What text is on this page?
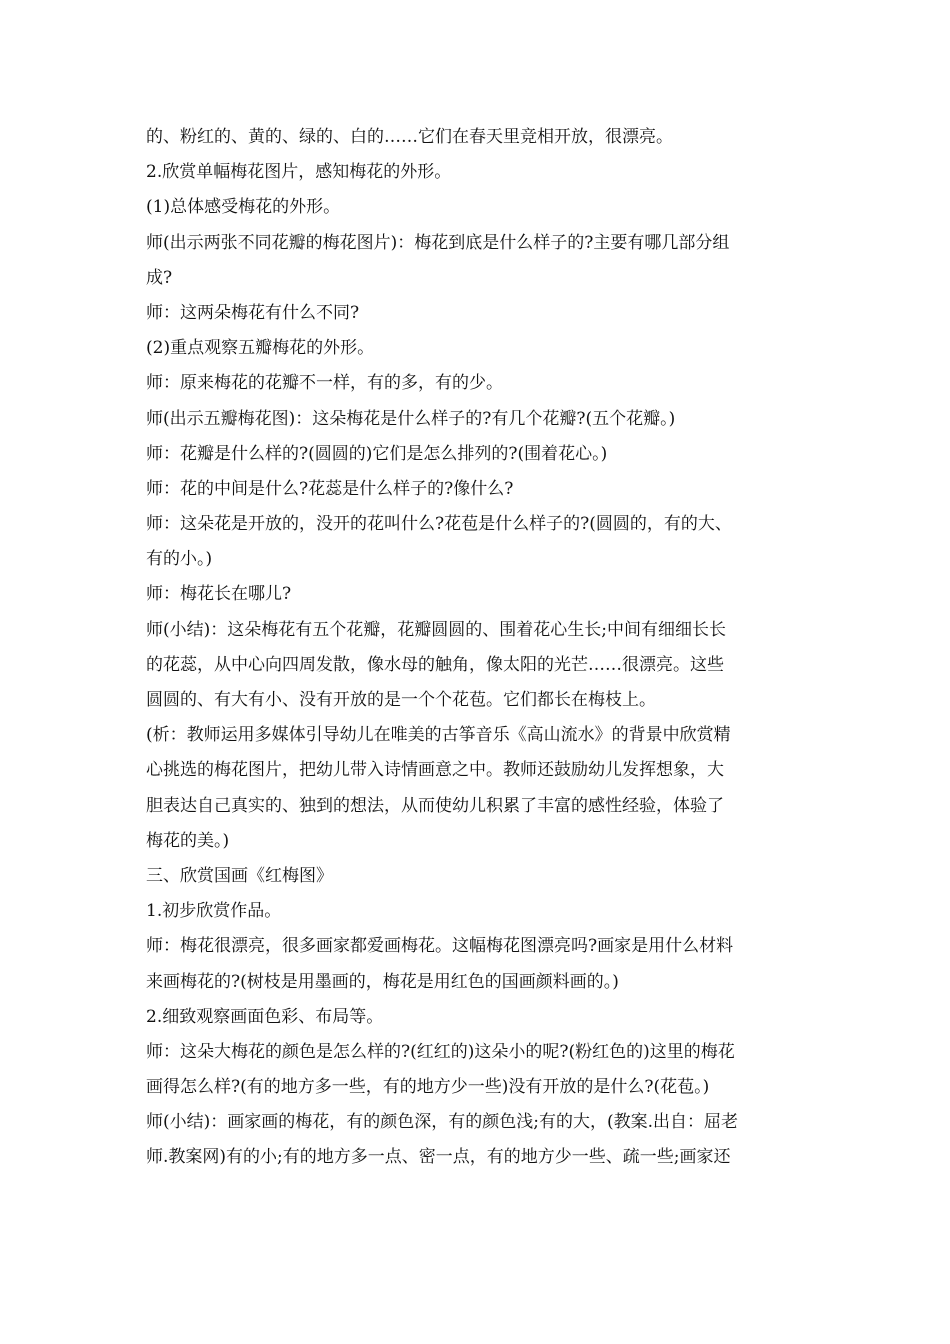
的、粉红的、黄的、绿的、白的……它们在春天里竞相开放，很漂亮。
2.欣赏单幅梅花图片，感知梅花的外形。
(1)总体感受梅花的外形。
师(出示两张不同花瓣的梅花图片)：梅花到底是什么样子的?主要有哪几部分组
成?
师：这两朵梅花有什么不同?
(2)重点观察五瓣梅花的外形。
师：原来梅花的花瓣不一样，有的多，有的少。
师(出示五瓣梅花图)：这朵梅花是什么样子的?有几个花瓣?(五个花瓣。)
师：花瓣是什么样的?(圆圆的)它们是怎么排列的?(围着花心。)
师：花的中间是什么?花蕊是什么样子的?像什么?
师：这朵花是开放的，没开的花叫什么?花苞是什么样子的?(圆圆的，有的大、
有的小。)
师：梅花长在哪儿?
师(小结)：这朵梅花有五个花瓣，花瓣圆圆的、围着花心生长;中间有细细长长
的花蕊，从中心向四周发散，像水母的触角，像太阳的光芒……很漂亮。这些
圆圆的、有大有小、没有开放的是一个个花苞。它们都长在梅枝上。
(析：教师运用多媒体引导幼儿在唯美的古筝音乐《高山流水》的背景中欣赏精
心挑选的梅花图片，把幼儿带入诗情画意之中。教师还鼓励幼儿发挥想象，大
胆表达自己真实的、独到的想法，从而使幼儿积累了丰富的感性经验，体验了
梅花的美。)
三、欣赏国画《红梅图》
1.初步欣赏作品。
师：梅花很漂亮，很多画家都爱画梅花。这幅梅花图漂亮吗?画家是用什么材料
来画梅花的?(树枝是用墨画的，梅花是用红色的国画颜料画的。)
2.细致观察画面色彩、布局等。
师：这朵大梅花的颜色是怎么样的?(红红的)这朵小的呢?(粉红色的)这里的梅花
画得怎么样?(有的地方多一些，有的地方少一些)没有开放的是什么?(花苞。)
师(小结)：画家画的梅花，有的颜色深，有的颜色浅;有的大，(教案.出自：屈老
师.教案网)有的小;有的地方多一点、密一点，有的地方少一些、疏一些;画家还
